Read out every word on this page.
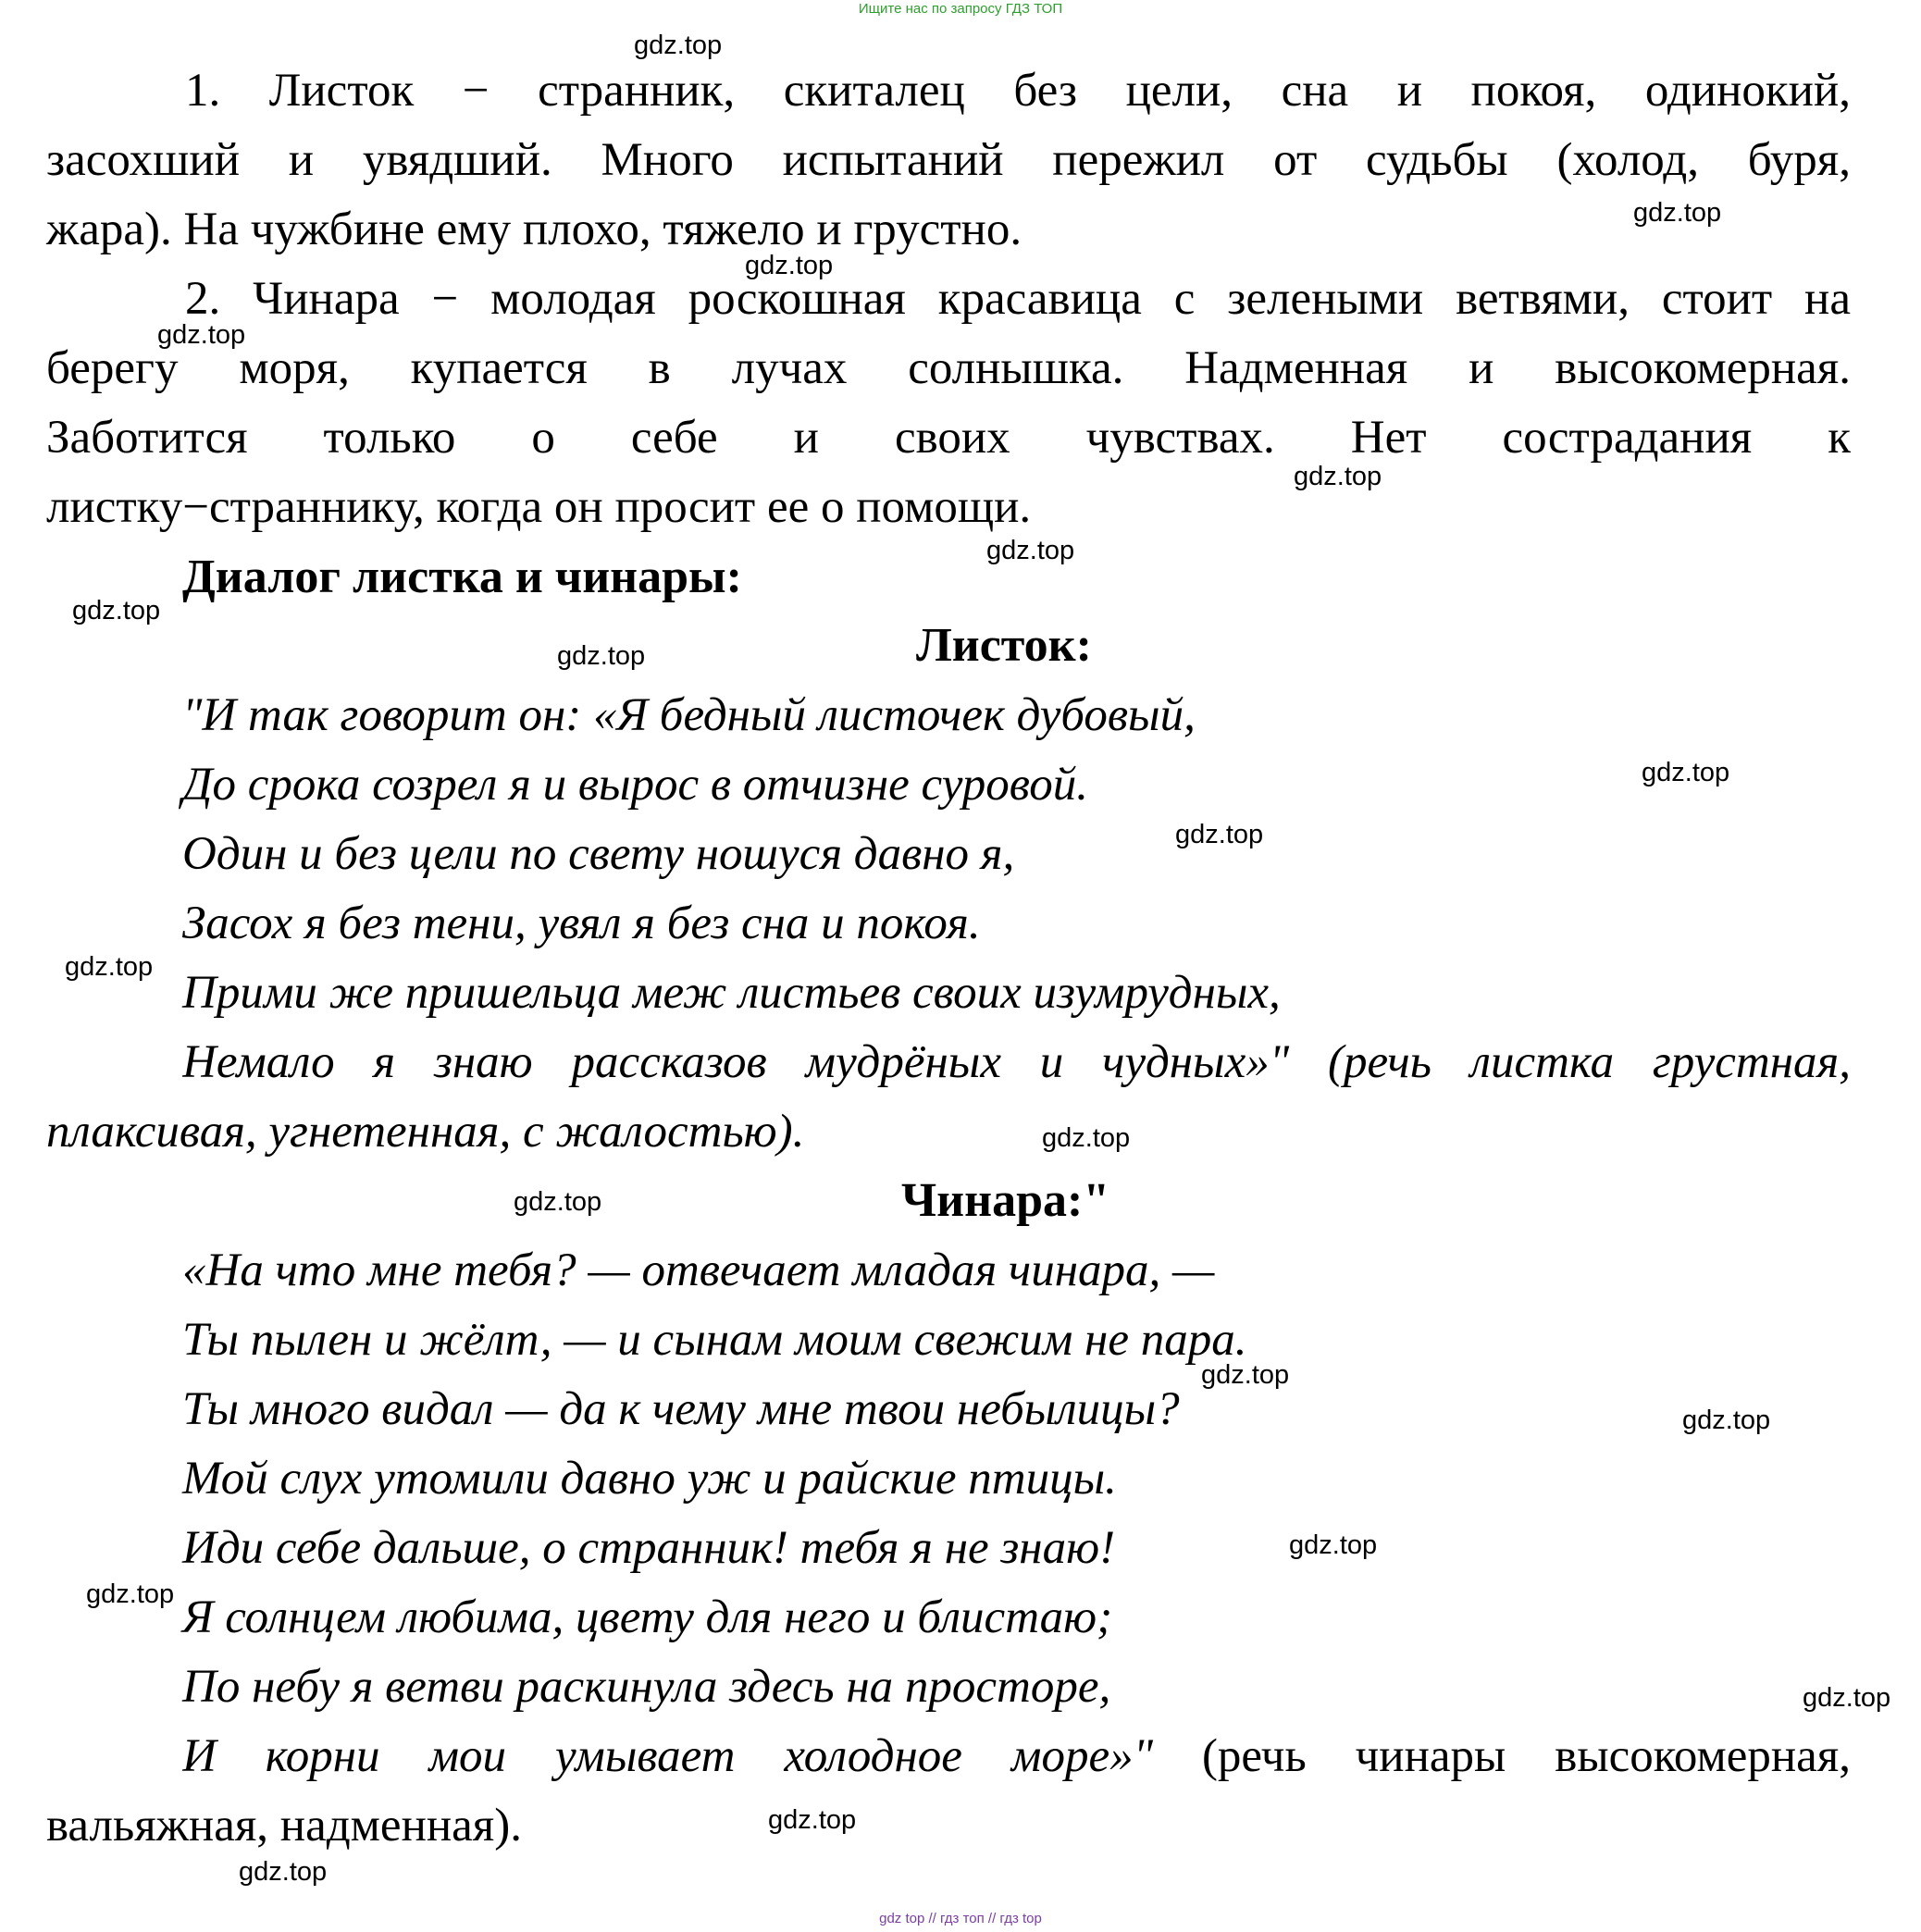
Ищите нас по запросу ГДЗ ТОП
gdz top // гдз топ // гдз top
1. Листок − странник, скиталец без цели, сна и покоя, одинокий,
засохший и увядший. Много испытаний пережил от судьбы (холод, буря,
жара). На чужбине ему плохо, тяжело и грустно.
2. Чинара − молодая роскошная красавица с зелеными ветвями, стоит на
берегу моря, купается в лучах солнышка. Надменная и высокомерная.
Заботится только о себе и своих чувствах. Нет сострадания к
листку−страннику, когда он просит ее о помощи.
Диалог листка и чинары:
Листок:
"И так говорит он: «Я бедный листочек дубовый,
До срока созрел я и вырос в отчизне суровой.
Один и без цели по свету ношуся давно я,
Засох я без тени, увял я без сна и покоя.
Прими же пришельца меж листьев своих изумрудных,
Немало я знаю рассказов мудрёных и чудных»" (речь листка грустная,
плаксивая, угнетенная, с жалостью).
Чинара:"
«На что мне тебя? — отвечает младая чинара, —
Ты пылен и жёлт, — и сынам моим свежим не пара.
Ты много видал — да к чему мне твои небылицы?
Мой слух утомили давно уж и райские птицы.
Иди себе дальше, о странник! тебя я не знаю!
Я солнцем любима, цвету для него и блистаю;
По небу я ветви раскинула здесь на просторе,
И корни мои умывает холодное море»" (речь чинары высокомерная,
вальяжная, надменная).
gdz.top
gdz.top
gdz.top
gdz.top
gdz.top
gdz.top
gdz.top
gdz.top
gdz.top
gdz.top
gdz.top
gdz.top
gdz.top
gdz.top
gdz.top
gdz.top
gdz.top
gdz.top
gdz.top
gdz.top
